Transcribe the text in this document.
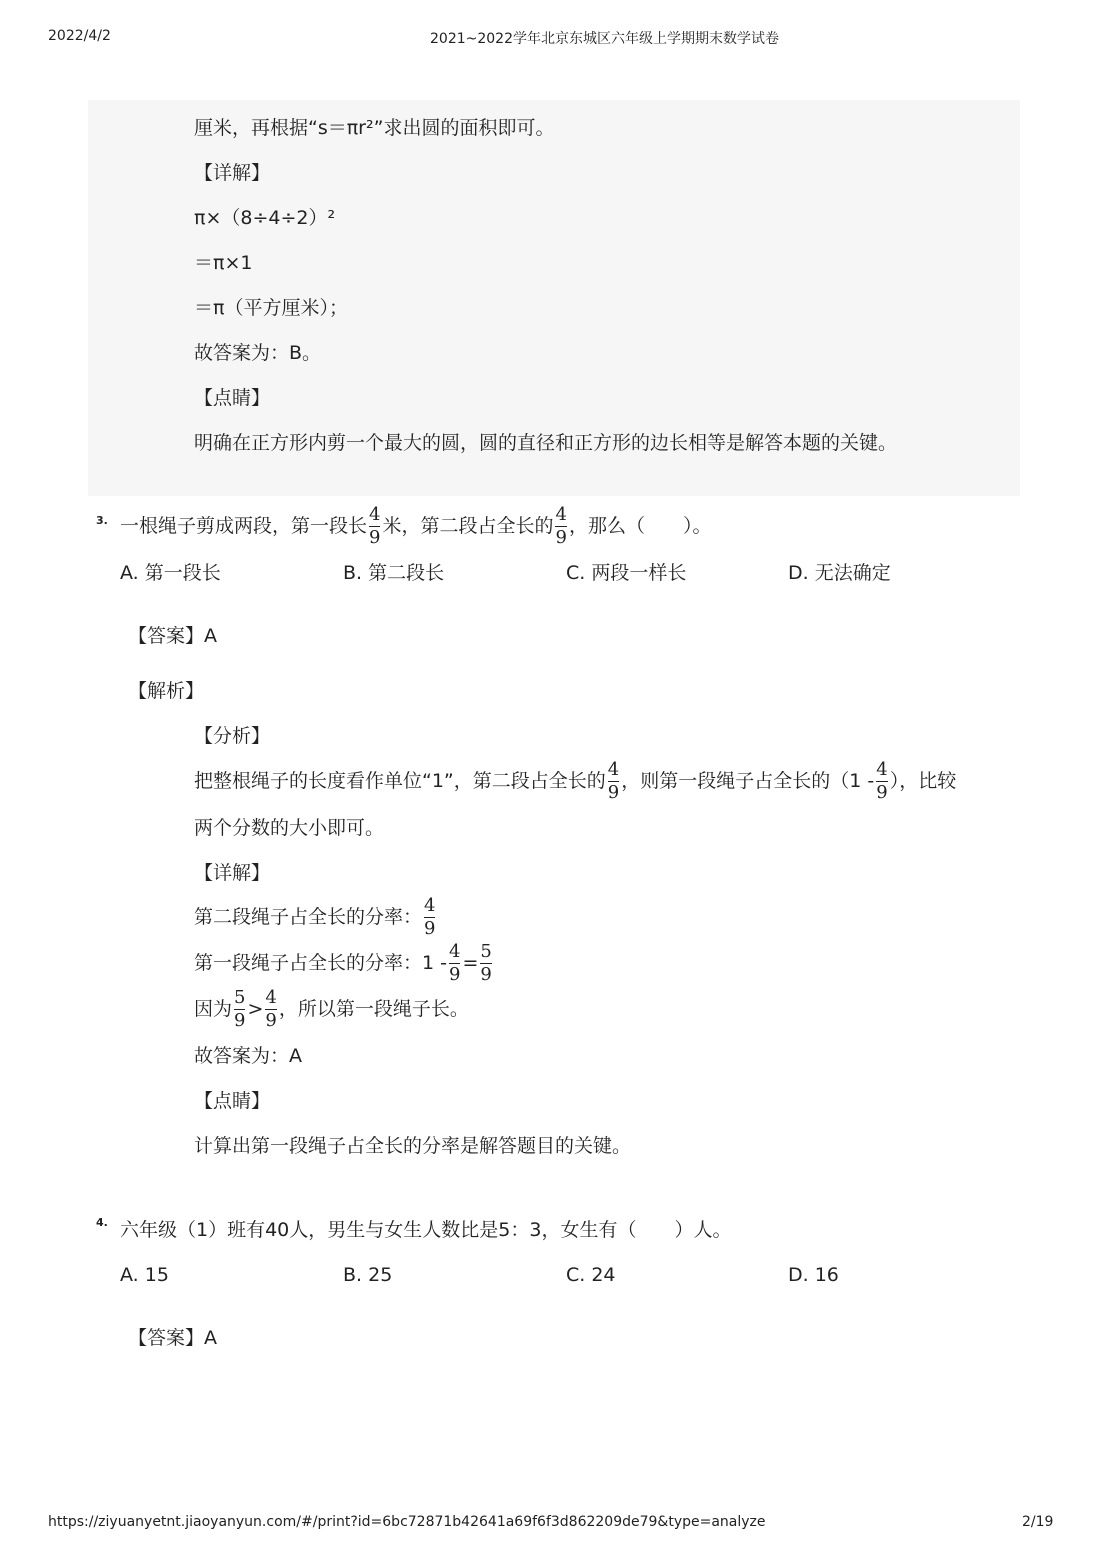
2022/4/2	2021~2022学年北京东城区六年级上学期期末数学试卷
厘米，再根据“s＝πr²”求出圆的面积即可。
【详解】
π×（8÷4÷2）²
＝π×1
＝π（平方厘米）；
故答案为：B。
【点睛】
明确在正方形内剪一个最大的圆，圆的直径和正方形的边长相等是解答本题的关键。
3. 一根绳子剪成两段，第一段长 $\frac{4}{9}$ 米，第二段占全长的 $\frac{4}{9}$ ，那么（　　）。
A. 第一段长	B. 第二段长	C. 两段一样长	D. 无法确定
【答案】A
【解析】
【分析】
把整根绳子的长度看作单位“1”，第二段占全长的 $\frac{4}{9}$ ，则第一段绳子占全长的（$1 - \frac{4}{9}$ ），比较
两个分数的大小即可。
【详解】
第二段绳子占全长的分率： $\frac{4}{9}$
第一段绳子占全长的分率：$1 - \frac{4}{9} = \frac{5}{9}$
因为 $\frac{5}{9} > \frac{4}{9}$ ，所以第一段绳子长。
故答案为：A
【点睛】
计算出第一段绳子占全长的分率是解答题目的关键。
4. 六年级（1）班有40人，男生与女生人数比是5：3，女生有（　　）人。
A. 15	B. 25	C. 24	D. 16
【答案】A
https://ziyuanyetnt.jiaoyanyun.com/#/print?id=6bc72871b42641a69f6f3d862209de79&type=analyze	2/19
